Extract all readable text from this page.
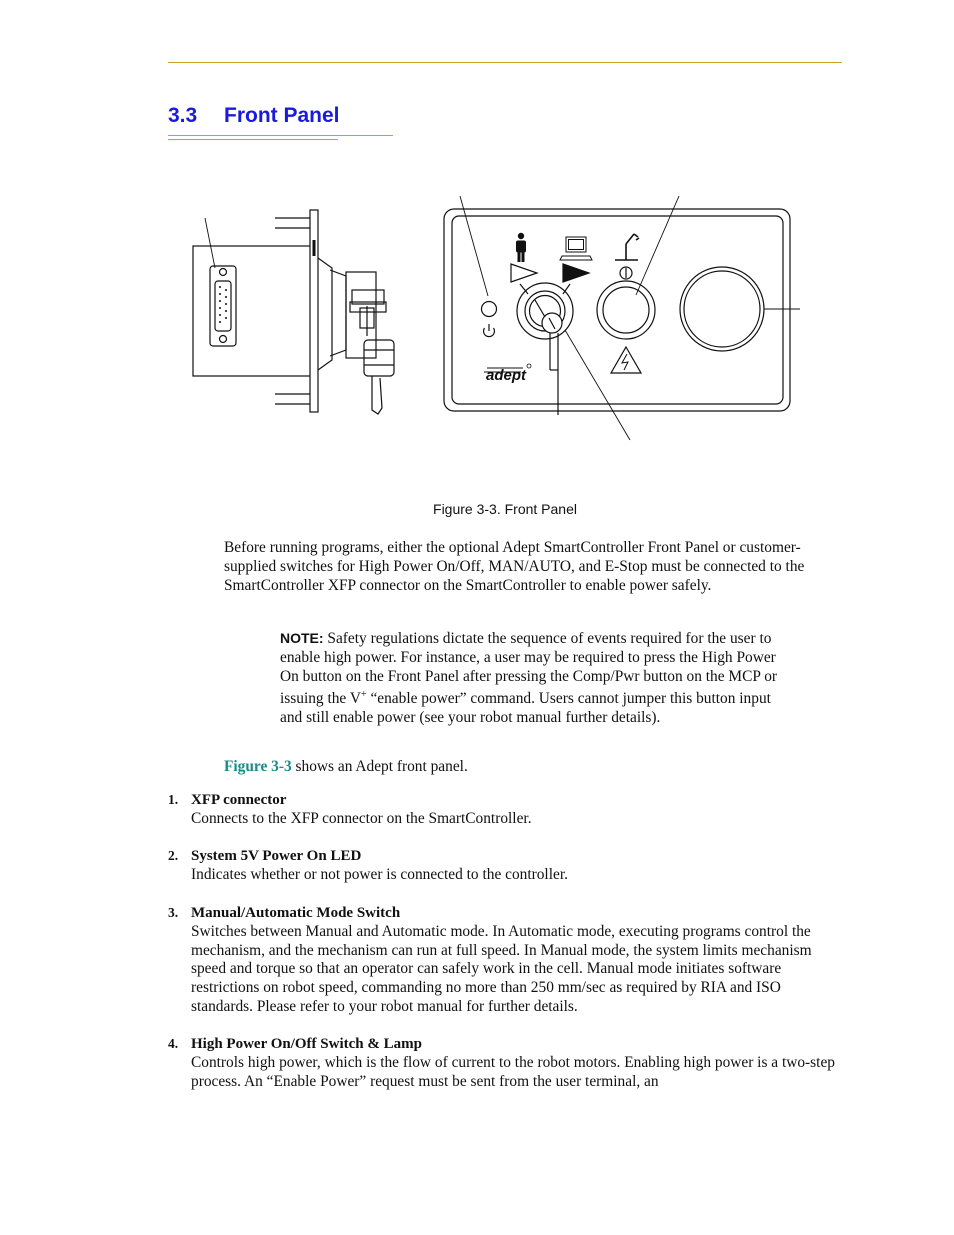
3.3 Front Panel
adept
Figure 3-3. Front Panel

Before running programs, either the optional Adept SmartController Front Panel or customer-supplied switches for High Power On/Off, MAN/AUTO, and E-Stop must be connected to the SmartController XFP connector on the SmartController to enable power safely.

NOTE: Safety regulations dictate the sequence of events required for the user to enable high power. For instance, a user may be required to press the High Power On button on the Front Panel after pressing the Comp/Pwr button on the MCP or issuing the V+ “enable power” command. Users cannot jumper this button input and still enable power (see your robot manual further details).

Figure 3-3 shows an Adept front panel.

1. XFP connector

Connects to the XFP connector on the SmartController.

2. System 5V Power On LED

Indicates whether or not power is connected to the controller.

3. Manual/Automatic Mode Switch

Switches between Manual and Automatic mode. In Automatic mode, executing programs control the mechanism, and the mechanism can run at full speed. In Manual mode, the system limits mechanism speed and torque so that an operator can safely work in the cell. Manual mode initiates software restrictions on robot speed, commanding no more than 250 mm/sec as required by RIA and ISO standards. Please refer to your robot manual for further details.

4. High Power On/Off Switch & Lamp

Controls high power, which is the flow of current to the robot motors. Enabling high power is a two-step process. An “Enable Power” request must be sent from the user terminal, an
